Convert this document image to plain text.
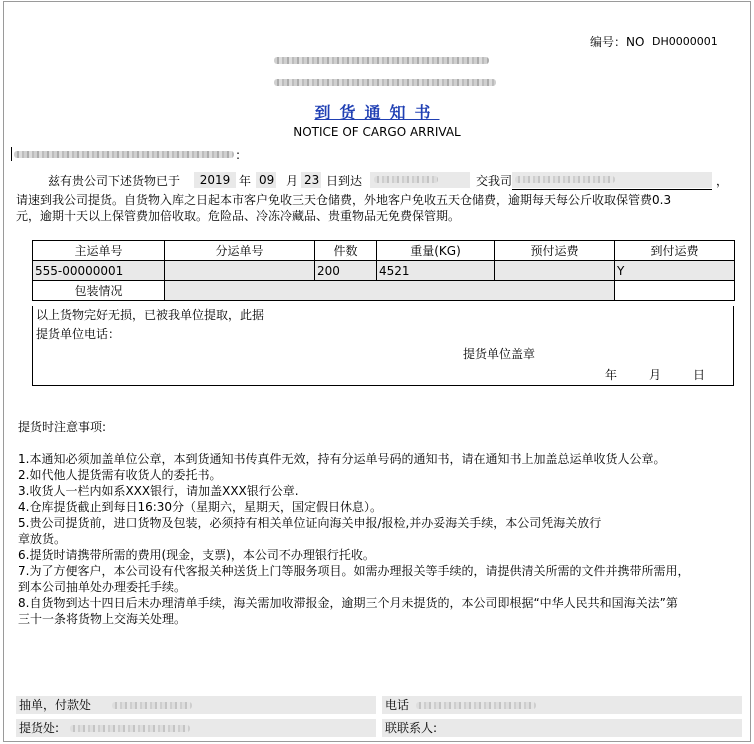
编号：NO DH0000001
到货通知书
NOTICE OF CARGO ARRIVAL
:
兹有贵公司下述货物已于	2019 年 09 月 23 日到达	交我司	，
请速到我公司提货。自货物入库之日起本市客户免收三天仓储费，外地客户免收五天仓储费，逾期每天每公斤收取保管费0.3
元，逾期十天以上保管费加倍收取。危险品、冷冻冷藏品、贵重物品无免费保管期。
主运单号	分运单号	件数	重量(KG)	预付运费	到付运费
555-00000001		200	4521		Y
包装情况					
以上货物完好无损，已被我单位提取，此据
提货单位电话：
提货单位盖章
年	月	日
提货时注意事项:
1.本通知必须加盖单位公章，本到货通知书传真件无效，持有分运单号码的通知书，请在通知书上加盖总运单收货人公章。
2.如代他人提货需有收货人的委托书。
3.收货人一栏内如系XXX银行，请加盖XXX银行公章.
4.仓库提货截止到每日16:30分（星期六，星期天，国定假日休息）。
5.贵公司提货前，进口货物及包装，必须持有相关单位证向海关申报/报检,并办妥海关手续，本公司凭海关放行
章放货。
6.提货时请携带所需的费用(现金，支票)，本公司不办理银行托收。
7.为了方便客户，本公司设有代客报关种送货上门等服务项目。如需办理报关等手续的，请提供清关所需的文件并携带所需用，
到本公司抽单处办理委托手续。
8.自货物到达十四日后未办理清单手续，海关需加收滞报金，逾期三个月未提货的，本公司即根据“中华人民共和国海关法”第
三十一条将货物上交海关处理。
抽单，付款处	电话
提货处:	联联系人:
